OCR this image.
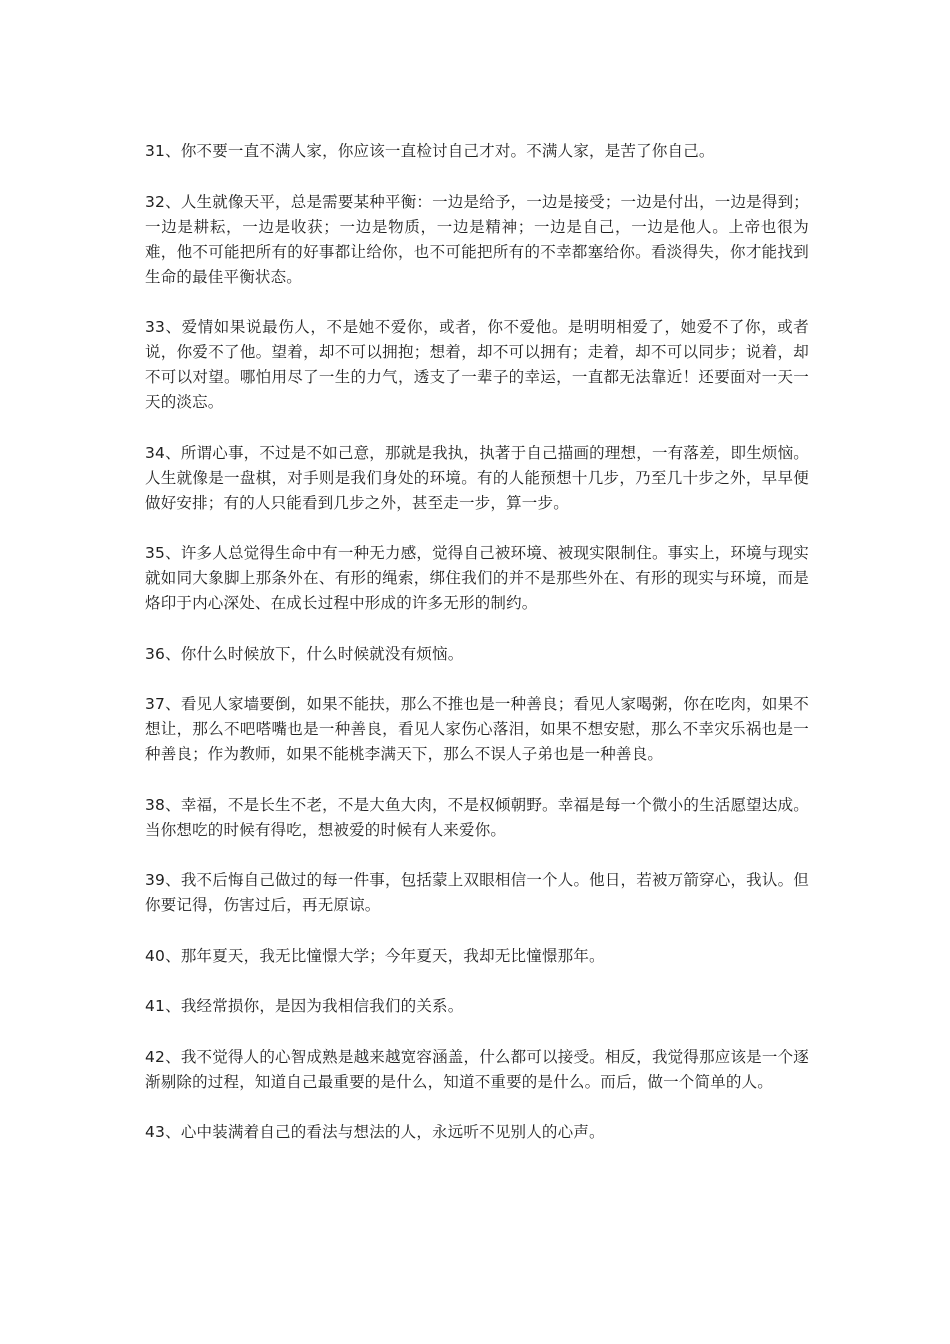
31、你不要一直不满人家，你应该一直检讨自己才对。不满人家，是苦了你自己。

32、人生就像天平，总是需要某种平衡：一边是给予，一边是接受；一边是付出，一边是得到；一边是耕耘，一边是收获；一边是物质，一边是精神；一边是自己，一边是他人。上帝也很为难，他不可能把所有的好事都让给你，也不可能把所有的不幸都塞给你。看淡得失，你才能找到生命的最佳平衡状态。

33、爱情如果说最伤人，不是她不爱你，或者，你不爱他。是明明相爱了，她爱不了你，或者说，你爱不了他。望着，却不可以拥抱；想着，却不可以拥有；走着，却不可以同步；说着，却不可以对望。哪怕用尽了一生的力气，透支了一辈子的幸运，一直都无法靠近！还要面对一天一天的淡忘。

34、所谓心事，不过是不如己意，那就是我执，执著于自己描画的理想，一有落差，即生烦恼。人生就像是一盘棋，对手则是我们身处的环境。有的人能预想十几步，乃至几十步之外，早早便做好安排；有的人只能看到几步之外，甚至走一步，算一步。

35、许多人总觉得生命中有一种无力感，觉得自己被环境、被现实限制住。事实上，环境与现实就如同大象脚上那条外在、有形的绳索，绑住我们的并不是那些外在、有形的现实与环境，而是烙印于内心深处、在成长过程中形成的许多无形的制约。

36、你什么时候放下，什么时候就没有烦恼。

37、看见人家墙要倒，如果不能扶，那么不推也是一种善良；看见人家喝粥，你在吃肉，如果不想让，那么不吧嗒嘴也是一种善良，看见人家伤心落泪，如果不想安慰，那么不幸灾乐祸也是一种善良；作为教师，如果不能桃李满天下，那么不误人子弟也是一种善良。

38、幸福，不是长生不老，不是大鱼大肉，不是权倾朝野。幸福是每一个微小的生活愿望达成。当你想吃的时候有得吃，想被爱的时候有人来爱你。

39、我不后悔自己做过的每一件事，包括蒙上双眼相信一个人。他日，若被万箭穿心，我认。但你要记得，伤害过后，再无原谅。

40、那年夏天，我无比憧憬大学；今年夏天，我却无比憧憬那年。

41、我经常损你，是因为我相信我们的关系。

42、我不觉得人的心智成熟是越来越宽容涵盖，什么都可以接受。相反，我觉得那应该是一个逐渐剔除的过程，知道自己最重要的是什么，知道不重要的是什么。而后，做一个简单的人。

43、心中装满着自己的看法与想法的人，永远听不见别人的心声。
